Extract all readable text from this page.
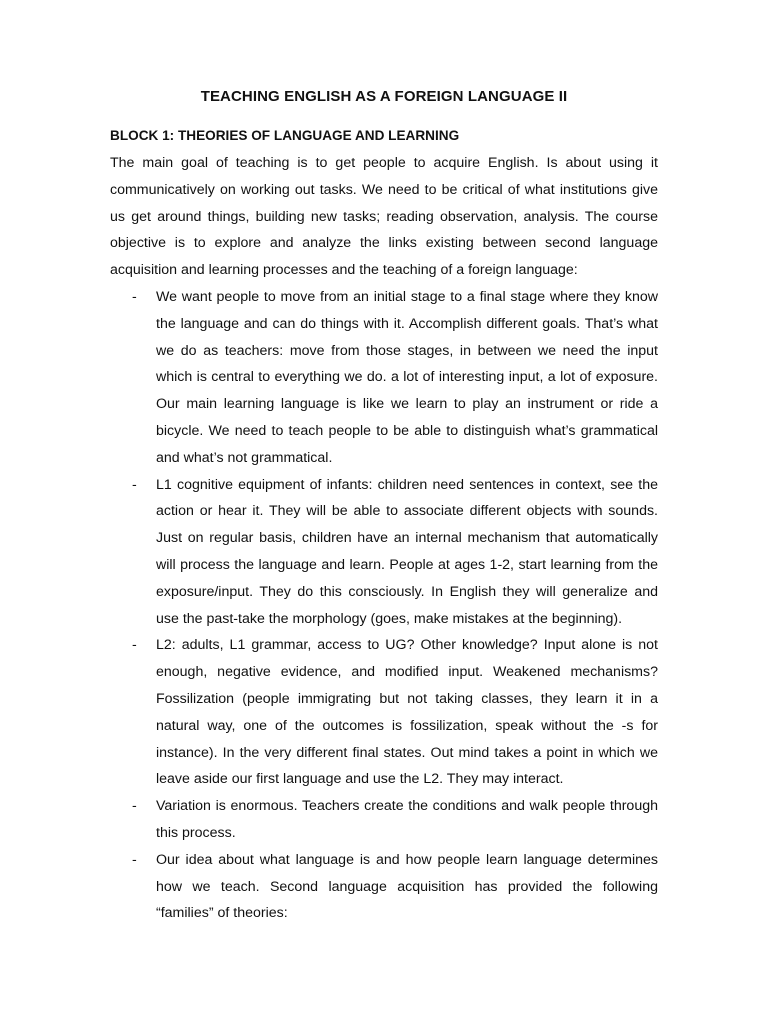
TEACHING ENGLISH AS A FOREIGN LANGUAGE II
BLOCK 1: THEORIES OF LANGUAGE AND LEARNING

The main goal of teaching is to get people to acquire English. Is about using it communicatively on working out tasks. We need to be critical of what institutions give us get around things, building new tasks; reading observation, analysis. The course objective is to explore and analyze the links existing between second language acquisition and learning processes and the teaching of a foreign language:

- We want people to move from an initial stage to a final stage where they know the language and can do things with it. Accomplish different goals. That’s what we do as teachers: move from those stages, in between we need the input which is central to everything we do. a lot of interesting input, a lot of exposure. Our main learning language is like we learn to play an instrument or ride a bicycle. We need to teach people to be able to distinguish what’s grammatical and what’s not grammatical.
- L1 cognitive equipment of infants: children need sentences in context, see the action or hear it. They will be able to associate different objects with sounds. Just on regular basis, children have an internal mechanism that automatically will process the language and learn. People at ages 1-2, start learning from the exposure/input. They do this consciously. In English they will generalize and use the past-take the morphology (goes, make mistakes at the beginning).
- L2: adults, L1 grammar, access to UG? Other knowledge? Input alone is not enough, negative evidence, and modified input. Weakened mechanisms? Fossilization (people immigrating but not taking classes, they learn it in a natural way, one of the outcomes is fossilization, speak without the -s for instance). In the very different final states. Out mind takes a point in which we leave aside our first language and use the L2. They may interact.
- Variation is enormous. Teachers create the conditions and walk people through this process.
- Our idea about what language is and how people learn language determines how we teach. Second language acquisition has provided the following “families” of theories:
